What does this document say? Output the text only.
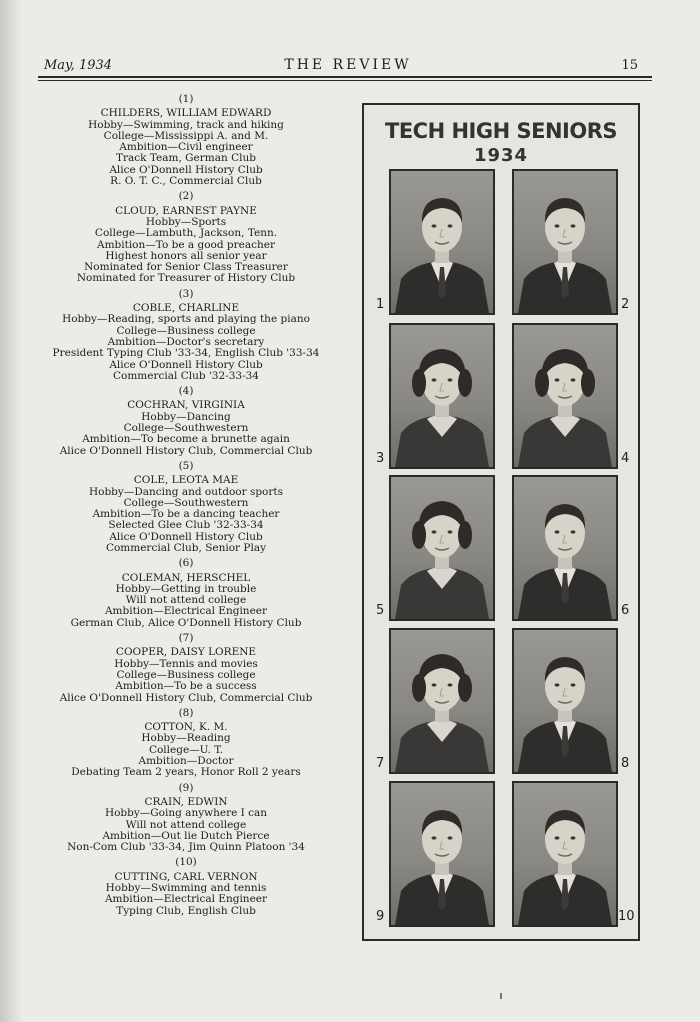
May, 1934	THE REVIEW	15
(1)
CHILDERS, WILLIAM EDWARD
Hobby—Swimming, track and hiking
College—Mississippi A. and M.
Ambition—Civil engineer
Track Team, German Club
Alice O'Donnell History Club
R. O. T. C., Commercial Club
(2)
CLOUD, EARNEST PAYNE
Hobby—Sports
College—Lambuth, Jackson, Tenn.
Ambition—To be a good preacher
Highest honors all senior year
Nominated for Senior Class Treasurer
Nominated for Treasurer of History Club
(3)
COBLE, CHARLINE
Hobby—Reading, sports and playing the piano
College—Business college
Ambition—Doctor's secretary
President Typing Club '33-34, English Club '33-34
Alice O'Donnell History Club
Commercial Club '32-33-34
(4)
COCHRAN, VIRGINIA
Hobby—Dancing
College—Southwestern
Ambition—To become a brunette again
Alice O'Donnell History Club, Commercial Club
(5)
COLE, LEOTA MAE
Hobby—Dancing and outdoor sports
College—Southwestern
Ambition—To be a dancing teacher
Selected Glee Club '32-33-34
Alice O'Donnell History Club
Commercial Club, Senior Play
(6)
COLEMAN, HERSCHEL
Hobby—Getting in trouble
Will not attend college
Ambition—Electrical Engineer
German Club, Alice O'Donnell History Club
(7)
COOPER, DAISY LORENE
Hobby—Tennis and movies
College—Business college
Ambition—To be a success
Alice O'Donnell History Club, Commercial Club
(8)
COTTON, K. M.
Hobby—Reading
College—U. T.
Ambition—Doctor
Debating Team 2 years, Honor Roll 2 years
(9)
CRAIN, EDWIN
Hobby—Going anywhere I can
Will not attend college
Ambition—Out lie Dutch Pierce
Non-Com Club '33-34, Jim Quinn Platoon '34
(10)
CUTTING, CARL VERNON
Hobby—Swimming and tennis
Ambition—Electrical Engineer
Typing Club, English Club
TECH HIGH SENIORS
1934
1	2
3	4
5	6
7	8
9	10
